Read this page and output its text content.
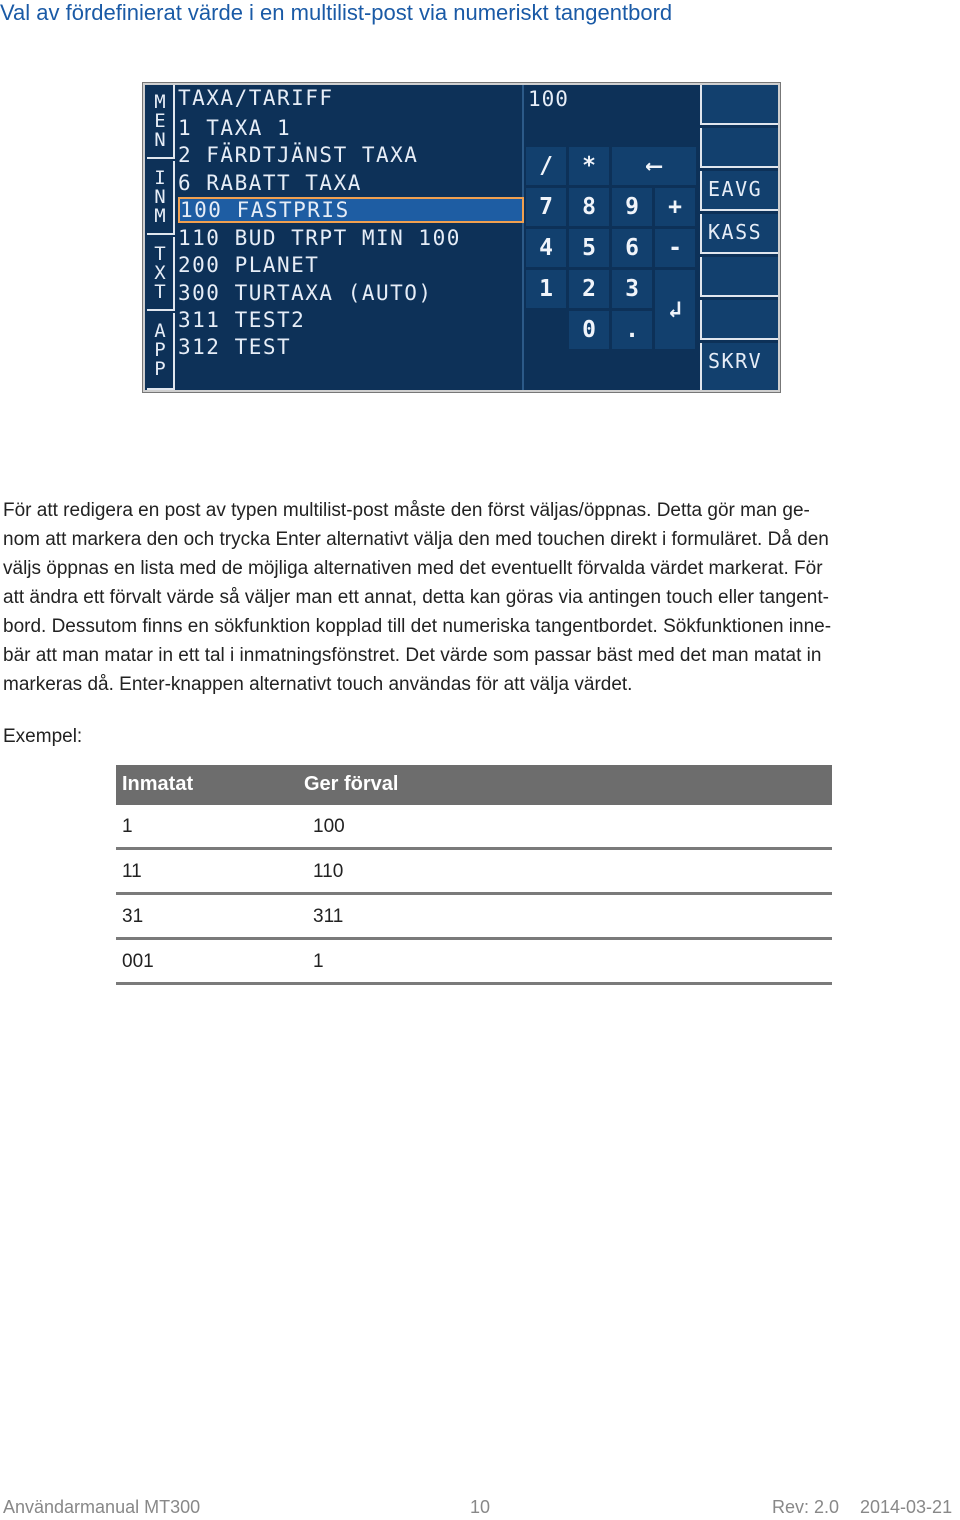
Val av fördefinierat värde i en multilist-post via numeriskt tangentbord
M
E
N
I
N
M
T
X
T
A
P
P
TAXA/TARIFF
1 TAXA 1
2 FÄRDTJÄNST TAXA
6 RABATT TAXA
100 FASTPRIS
110 BUD TRPT MIN 100
200 PLANET
300 TURTAXA (AUTO)
311 TEST2
312 TEST
100
/	*	⟵
7	8	9	+
4	5	6	-
1	2	3
↲
0	.
EAVG
KASS
SKRV

För att redigera en post av typen multilist-post måste den först väljas/öppnas. Detta gör man ge-

nom att markera den och trycka Enter alternativt välja den med touchen direkt i formuläret. Då den

väljs öppnas en lista med de möjliga alternativen med det eventuellt förvalda värdet markerat. För

att ändra ett förvalt värde så väljer man ett annat, detta kan göras via antingen touch eller tangent-

bord. Dessutom finns en sökfunktion kopplad till det numeriska tangentbordet. Sökfunktionen inne-

bär att man matar in ett tal i inmatningsfönstret. Det värde som passar bäst med det man matat in

markeras då. Enter-knappen alternativt touch användas för att välja värdet.

Exempel:
Inmatat	Ger förval
1	100
11	110
31	311
001	1
Användarmanual MT300	10	Rev: 2.0 2014-03-21
